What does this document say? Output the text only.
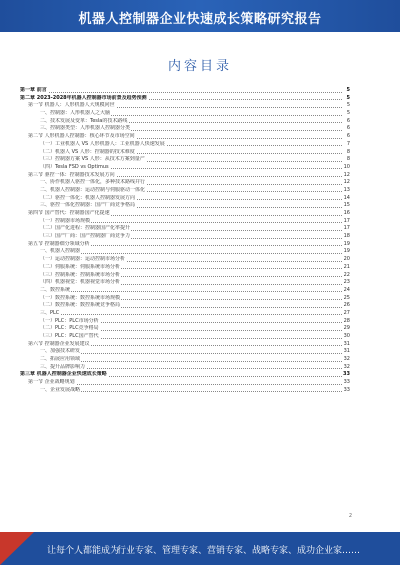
机器人控制器企业快速成长策略研究报告
内容目录
第一章 前言	5
第二章 2023-2028年机器人控制器市场前景及趋势预测	5
第一节 机器人：人形机器人大规模问世	5
一、控制器：人形机器人之大脑	5
二、技术发展及变革：Tesla的技术路线	6
三、控制器类型：人形机器人控制器分类	6
第二节 人形机器人控制器：核心环节及市场空间	6
（一）工业机器人 VS 人形机器人：工业机器人快速发展	7
（二）机器人 VS 人形：控制器的技术难度	8
（三）控制器方案 VS 人形：从技术方案到量产	8
（四）Tesla FSD vs Optimus	10
第三节 驱控一体：控制器技术发展方向	12
一、协作机器人驱控一体化，多种技术路线并行	12
二、机器人控制器：运动控制与伺服驱动一体化	13
（二）驱控一体化：机器人控制器发展方向	14
三、驱控一体化控制器：国产厂商竞争格局	15
第四节 国产替代：控制器国产化提速	16
（一）控制器市场规模	17
（二）国产化进程：控制器国产化率提升	17
（三）国产厂商：国产控制器厂商竞争力	18
第五节 控制器细分领域分析	19
一、机器人控制器	19
（一）运动控制器：运动控制市场分析	20
（二）伺服系统：伺服系统市场分析	21
（三）控制系统：控制系统市场分析	22
（四）机器视觉：机器视觉市场分析	23
二、数控系统	24
（一）数控系统：数控系统市场规模	25
（二）数控系统：数控系统竞争格局	26
三、PLC	27
（一）PLC：PLC市场分析	28
（二）PLC：PLC竞争格局	29
（三）PLC：PLC国产替代	30
第六节 控制器企业发展建议	31
一、加强技术研发	31
二、拓展应用领域	32
三、提升品牌影响力	32
第三章 机器人控制器企业快速成长策略	33
第一节 企业战略规划	33
一、企业发展战略	33
2
让每个人都能成为
行业专家、管理专家、营销专家、战略专家、成功企业家……
